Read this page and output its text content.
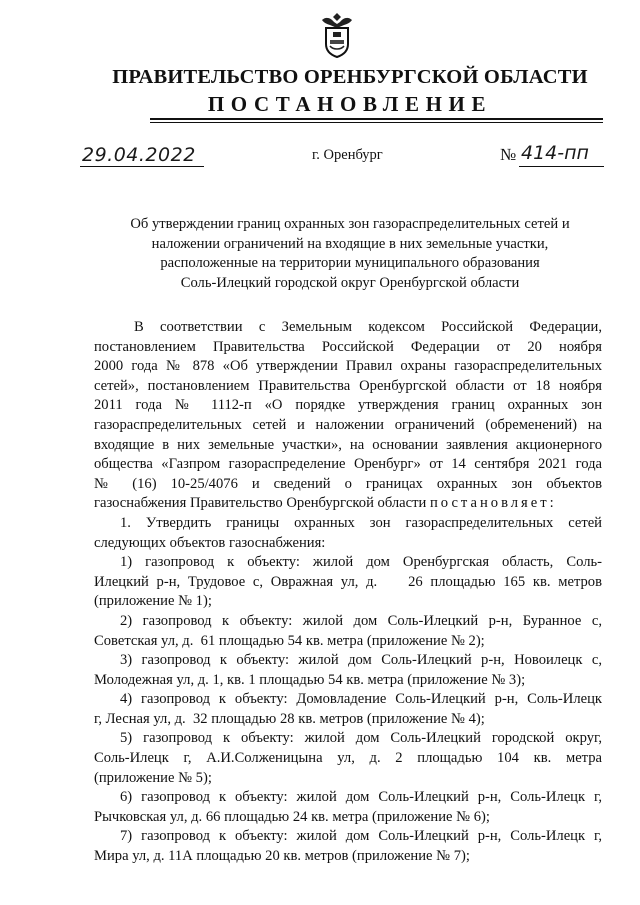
ПРАВИТЕЛЬСТВО ОРЕНБУРГСКОЙ ОБЛАСТИ
ПОСТАНОВЛЕНИЕ
29.04.2022	г. Оренбург	№ 414-пп
Об утверждении границ охранных зон газораспределительных сетей и
наложении ограничений на входящие в них земельные участки,
расположенные на территории муниципального образования
Соль-Илецкий городской округ Оренбургской области

В соответствии с Земельным кодексом Российской Федерации,
постановлением Правительства Российской Федерации от 20 ноября
2000 года № 878 «Об утверждении Правил охраны газораспределительных
сетей», постановлением Правительства Оренбургской области от 18 ноября
2011 года № 1112-п «О порядке утверждения границ охранных зон
газораспределительных сетей и наложении ограничений (обременений) на
входящие в них земельные участки», на основании заявления акционерного
общества «Газпром газораспределение Оренбург» от 14 сентября 2021 года
№ (16) 10-25/4076 и сведений о границах охранных зон объектов
газоснабжения Правительство Оренбургской области постановляет:

1. Утвердить границы охранных зон газораспределительных сетей
следующих объектов газоснабжения:

1) газопровод к объекту: жилой дом Оренбургская область, Соль-
Илецкий р-н, Трудовое с, Овражная ул, д.    26 площадью 165 кв. метров
(приложение № 1);

2) газопровод к объекту: жилой дом Соль-Илецкий р-н, Буранное с,
Советская ул, д.  61 площадью 54 кв. метра (приложение № 2);

3) газопровод к объекту: жилой дом Соль-Илецкий р-н, Новоилецк с,
Молодежная ул, д. 1, кв. 1 площадью 54 кв. метра (приложение № 3);

4) газопровод к объекту: Домовладение Соль-Илецкий р-н, Соль-Илецк
г, Лесная ул, д.  32 площадью 28 кв. метров (приложение № 4);

5) газопровод к объекту: жилой дом Соль-Илецкий городской округ,
Соль-Илецк г, А.И.Солженицына ул, д. 2 площадью 104 кв. метра
(приложение № 5);

6) газопровод к объекту: жилой дом Соль-Илецкий р-н, Соль-Илецк г,
Рычковская ул, д. 66 площадью 24 кв. метра (приложение № 6);

7) газопровод к объекту: жилой дом Соль-Илецкий р-н, Соль-Илецк г,
Мира ул, д. 11А площадью 20 кв. метров (приложение № 7);
